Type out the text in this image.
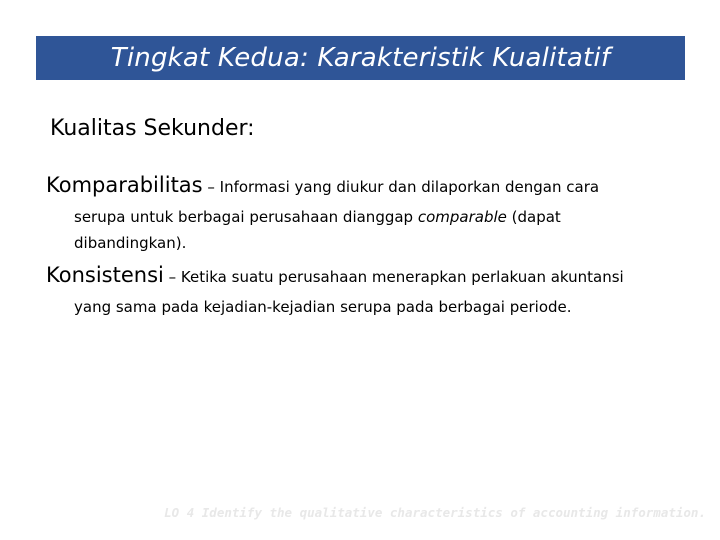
Tingkat Kedua: Karakteristik Kualitatif
Kualitas Sekunder:
Komparabilitas – Informasi yang diukur dan dilaporkan dengan cara
serupa untuk berbagai perusahaan dianggap comparable (dapat
dibandingkan).
Konsistensi – Ketika suatu perusahaan menerapkan perlakuan akuntansi
yang sama pada kejadian-kejadian serupa pada berbagai periode.
LO 4 Identify the qualitative characteristics of accounting information.
